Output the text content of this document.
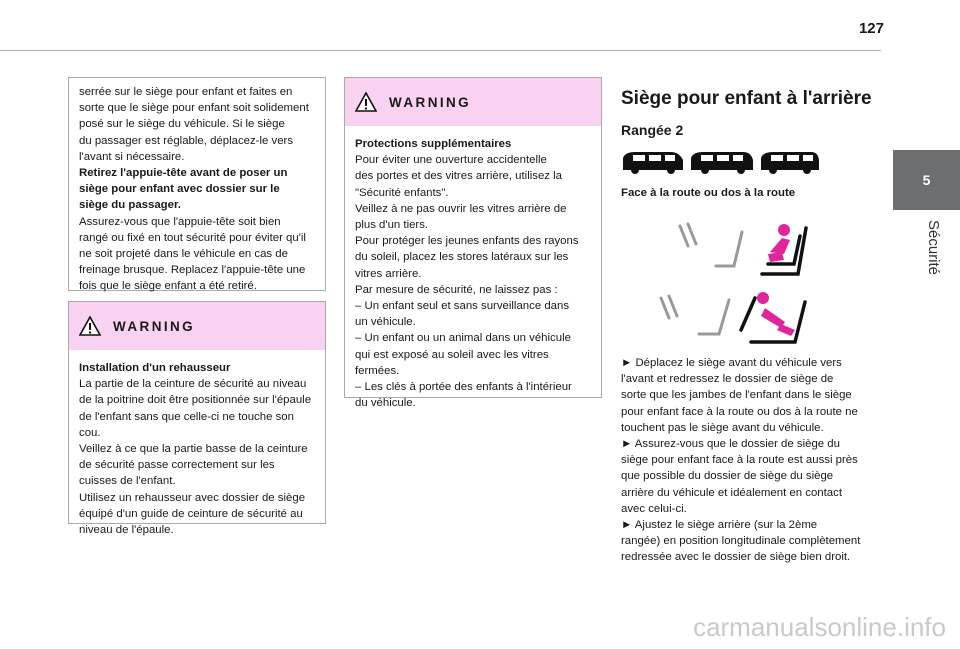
127
5
Sécurité
serrée sur le siège pour enfant et faites en
sorte que le siège pour enfant soit solidement
posé sur le siège du véhicule. Si le siège
du passager est réglable, déplacez-le vers
l'avant si nécessaire.
Retirez l'appuie-tête avant de poser un
siège pour enfant avec dossier sur le
siège du passager.
Assurez-vous que l'appuie-tête soit bien
rangé ou fixé en tout sécurité pour éviter qu'il
ne soit projeté dans le véhicule en cas de
freinage brusque. Replacez l'appuie-tête une
fois que le siège enfant a été retiré.
WARNING
Installation d'un rehausseur
La partie de la ceinture de sécurité au niveau
de la poitrine doit être positionnée sur l'épaule
de l'enfant sans que celle-ci ne touche son
cou.
Veillez à ce que la partie basse de la ceinture
de sécurité passe correctement sur les
cuisses de l'enfant.
Utilisez un rehausseur avec dossier de siège
équipé d'un guide de ceinture de sécurité au
niveau de l'épaule.
WARNING
Protections supplémentaires
Pour éviter une ouverture accidentelle
des portes et des vitres arrière, utilisez la
"Sécurité enfants".
Veillez à ne pas ouvrir les vitres arrière de
plus d'un tiers.
Pour protéger les jeunes enfants des rayons
du soleil, placez les stores latéraux sur les
vitres arrière.
Par mesure de sécurité, ne laissez pas :
– Un enfant seul et sans surveillance dans
un véhicule.
– Un enfant ou un animal dans un véhicule
qui est exposé au soleil avec les vitres
fermées.
– Les clés à portée des enfants à l'intérieur
du véhicule.
Siège pour enfant à l'arrière
Rangée 2
Face à la route ou dos à la route
► Déplacez le siège avant du véhicule vers
l'avant et redressez le dossier de siège de
sorte que les jambes de l'enfant dans le siège
pour enfant face à la route ou dos à la route ne
touchent pas le siège avant du véhicule.
► Assurez-vous que le dossier de siège du
siège pour enfant face à la route est aussi près
que possible du dossier de siège du siège
arrière du véhicule et idéalement en contact
avec celui-ci.
► Ajustez le siège arrière (sur la 2ème
rangée) en position longitudinale complètement
redressée avec le dossier de siège bien droit.
carmanualsonline.info
